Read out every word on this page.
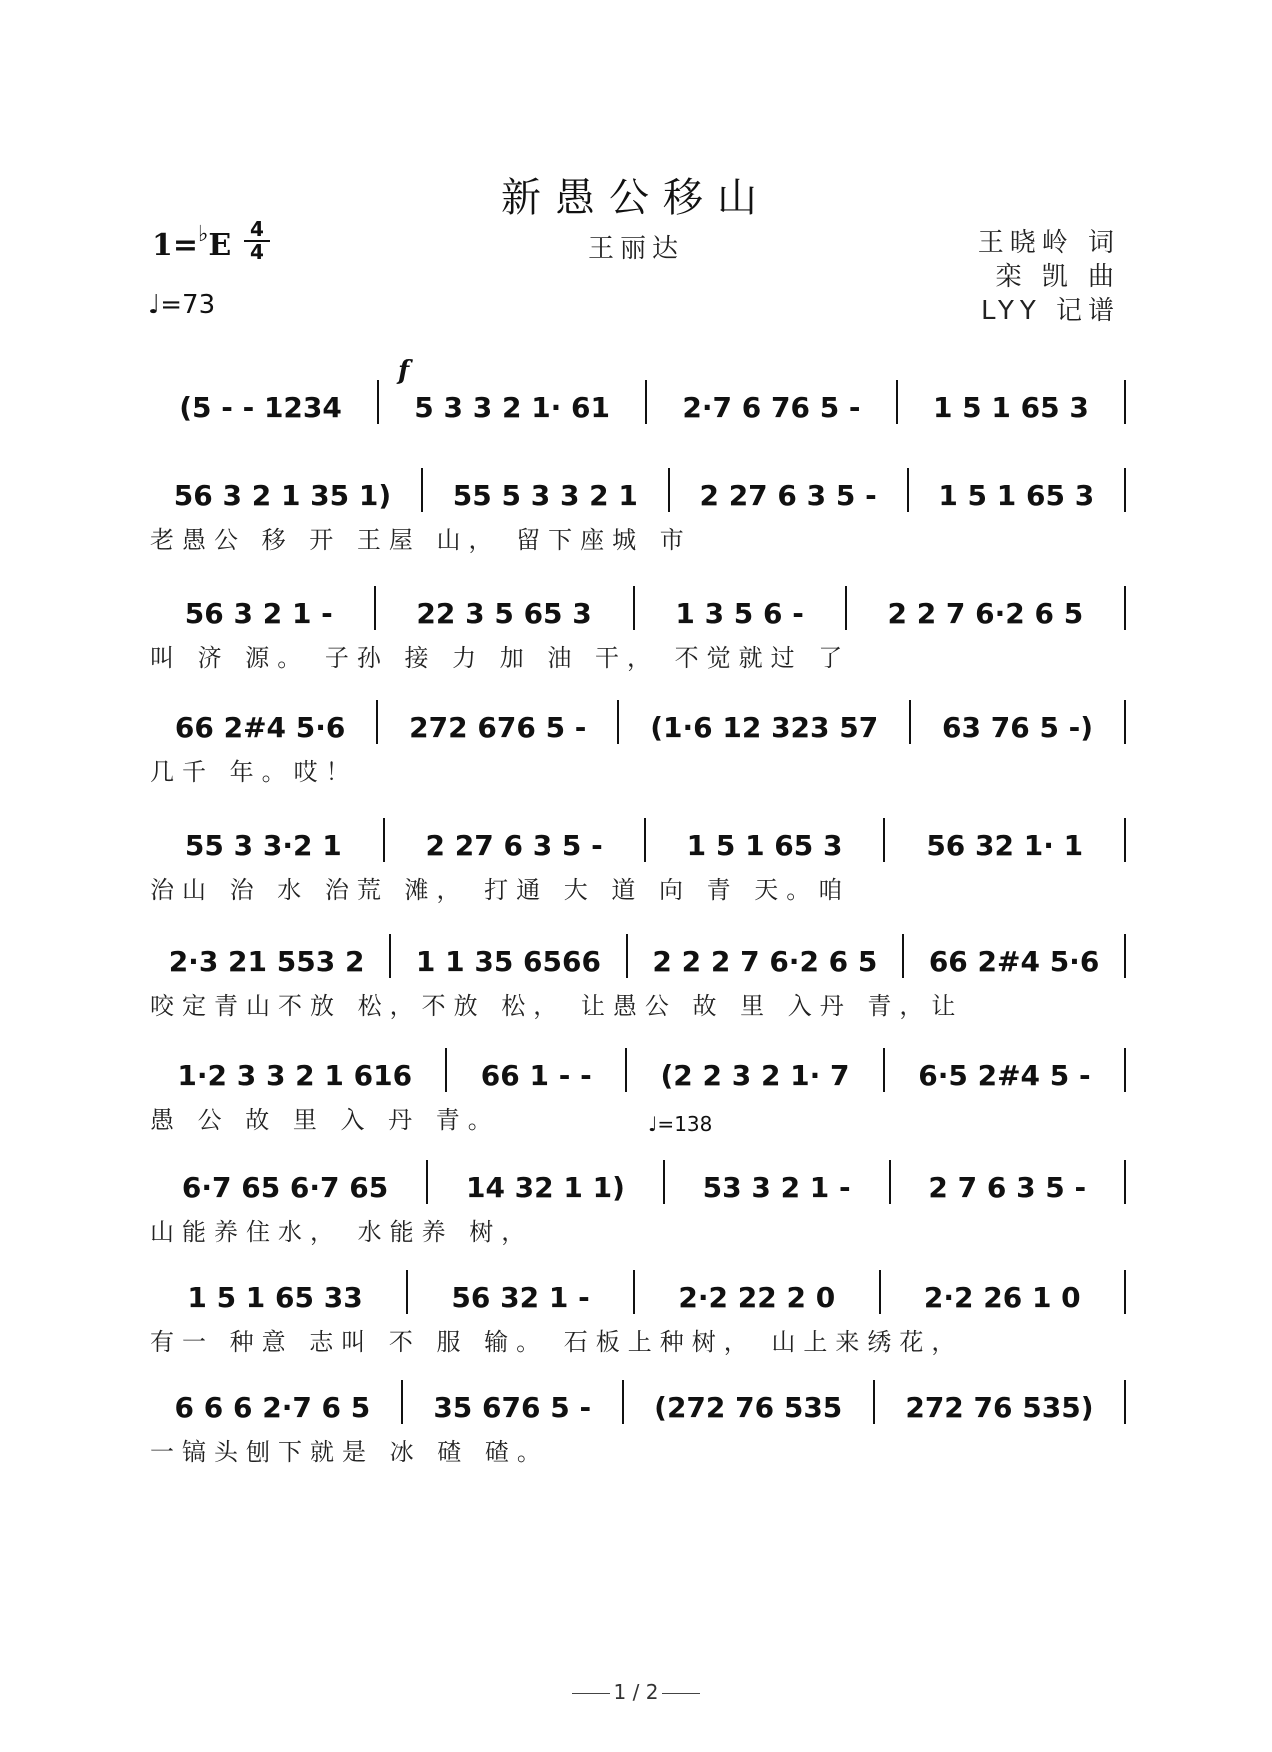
新愚公移山
王丽达
1=♭E 4
4
♩=73
王晓岭 词
栾 凯 曲
LYY 记谱
f
♩=138
(5 - - 1234	5 3 3 2 1· 61	2·7 6 76 5 -	1 5 1 65 3
56 3 2 1 35 1)	55 5 3 3 2 1	2 27 6 3 5 -	1 5 1 65 3
老愚公 移 开 王屋 山， 留下座城 市
56 3 2 1 -	22 3 5 65 3	1 3 5 6 -	2 2 7 6·2 6 5
叫 济 源。 子孙 接 力 加 油 干， 不觉就过 了
66 2#4 5·6	272 676 5 -	(1·6 12 323 57	63 76 5 -)
几千 年。哎！
55 3 3·2 1	2 27 6 3 5 -	1 5 1 65 3	56 32 1· 1
治山 治 水 治荒 滩， 打通 大 道 向 青 天。咱
2·3 21 553 2	1 1 35 6566	2 2 2 7 6·2 6 5	66 2#4 5·6
咬定青山不放 松，不放 松， 让愚公 故 里 入丹 青，让
1·2 3 3 2 1 616	66 1 - -	(2 2 3 2 1· 7	6·5 2#4 5 -
愚 公 故 里 入 丹 青。
6·7 65 6·7 65	14 32 1 1)	53 3 2 1 -	2 7 6 3 5 -
山能养住水， 水能养 树，
1 5 1 65 33	56 32 1 -	2·2 22 2 0	2·2 26 1 0
有一 种意 志叫 不 服 输。 石板上种树， 山上来绣花，
6 6 6 2·7 6 5	35 676 5 -	(272 76 535	272 76 535)
一镐头刨下就是 冰 碴 碴。
1 / 2
